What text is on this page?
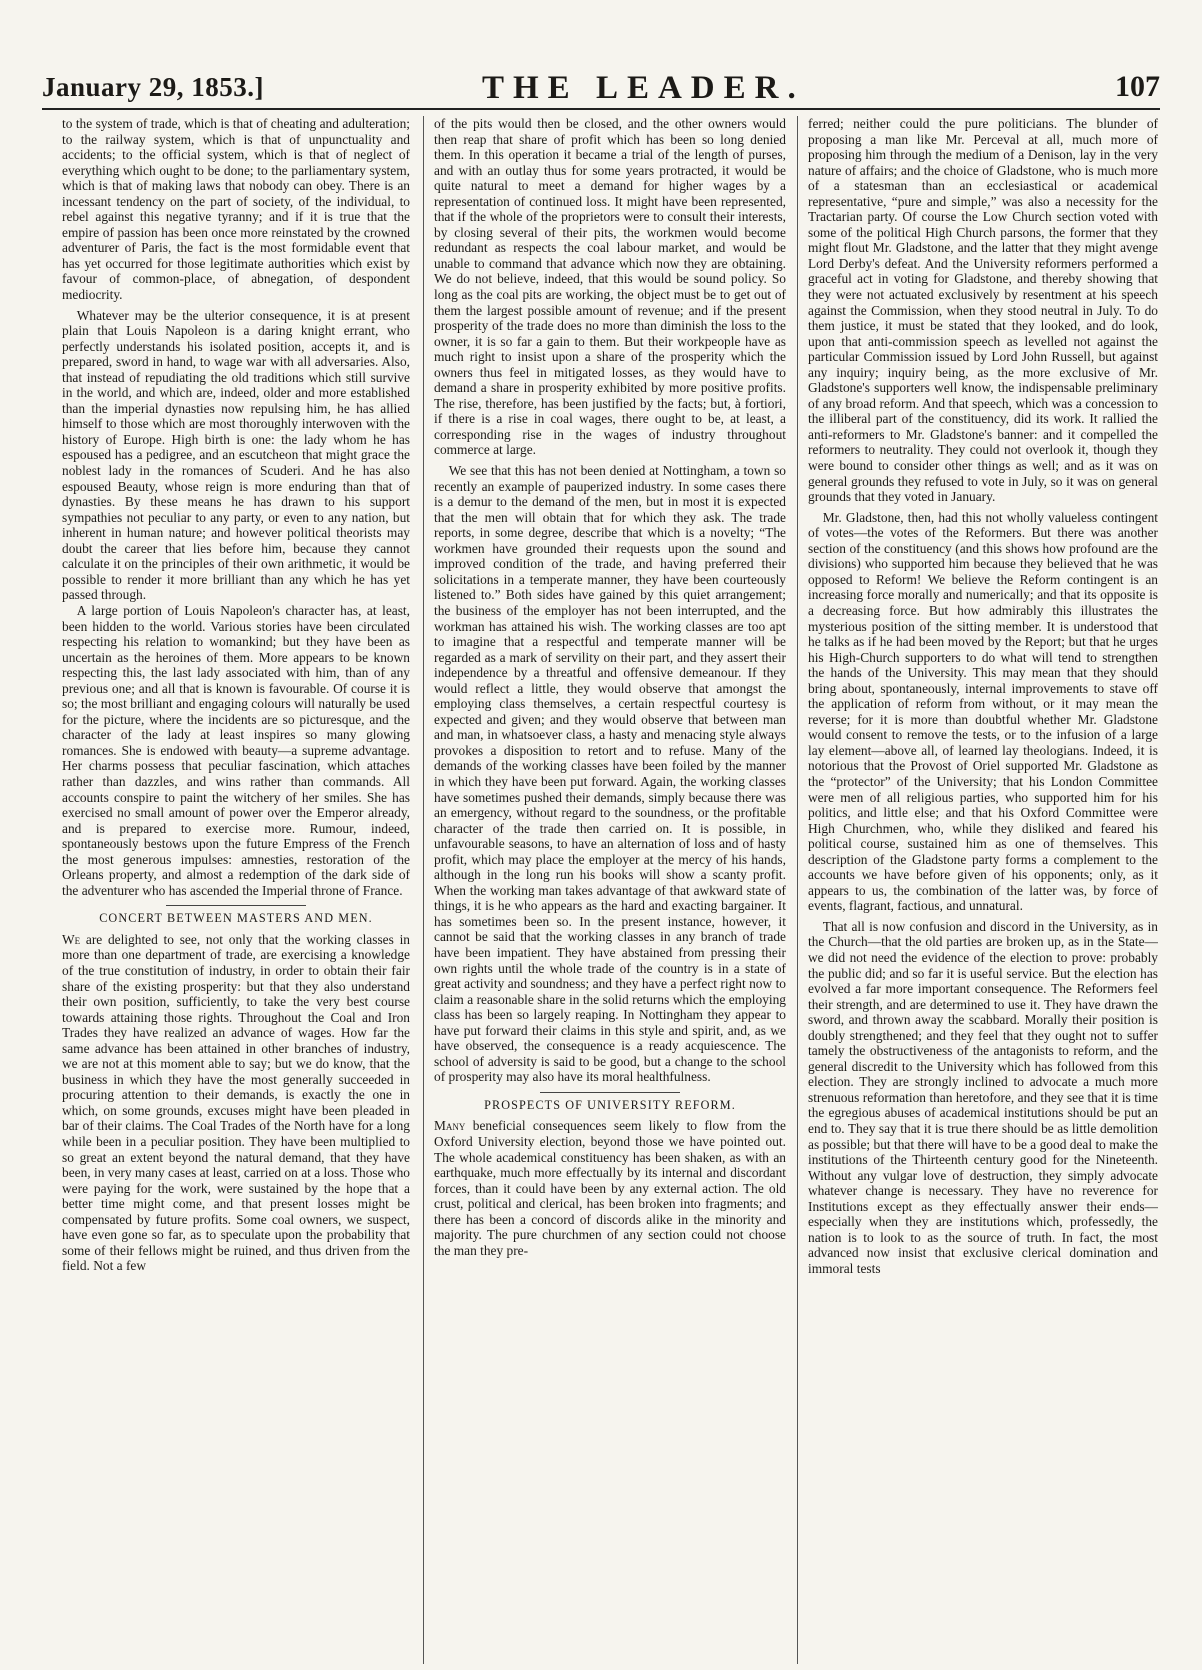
January 29, 1853.]	THE LEADER.	107

to the system of trade, which is that of cheating and adulteration; to the railway system, which is that of unpunctuality and accidents; to the official system, which is that of neglect of everything which ought to be done; to the parliamentary system, which is that of making laws that nobody can obey. There is an incessant tendency on the part of society, of the individual, to rebel against this negative tyranny; and if it is true that the empire of passion has been once more reinstated by the crowned adventurer of Paris, the fact is the most formidable event that has yet occurred for those legitimate authorities which exist by favour of common-place, of abnegation, of despondent mediocrity.

Whatever may be the ulterior consequence, it is at present plain that Louis Napoleon is a daring knight errant, who perfectly understands his isolated position, accepts it, and is prepared, sword in hand, to wage war with all adversaries. Also, that instead of repudiating the old traditions which still survive in the world, and which are, indeed, older and more established than the imperial dynasties now repulsing him, he has allied himself to those which are most thoroughly interwoven with the history of Europe. High birth is one: the lady whom he has espoused has a pedigree, and an escutcheon that might grace the noblest lady in the romances of Scuderi. And he has also espoused Beauty, whose reign is more enduring than that of dynasties. By these means he has drawn to his support sympathies not peculiar to any party, or even to any nation, but inherent in human nature; and however political theorists may doubt the career that lies before him, because they cannot calculate it on the principles of their own arithmetic, it would be possible to render it more brilliant than any which he has yet passed through.

A large portion of Louis Napoleon's character has, at least, been hidden to the world. Various stories have been circulated respecting his relation to womankind; but they have been as uncertain as the heroines of them. More appears to be known respecting this, the last lady associated with him, than of any previous one; and all that is known is favourable. Of course it is so; the most brilliant and engaging colours will naturally be used for the picture, where the incidents are so picturesque, and the character of the lady at least inspires so many glowing romances. She is endowed with beauty—a supreme advantage. Her charms possess that peculiar fascination, which attaches rather than dazzles, and wins rather than commands. All accounts conspire to paint the witchery of her smiles. She has exercised no small amount of power over the Emperor already, and is prepared to exercise more. Rumour, indeed, spontaneously bestows upon the future Empress of the French the most generous impulses: amnesties, restoration of the Orleans property, and almost a redemption of the dark side of the adventurer who has ascended the Imperial throne of France.

CONCERT BETWEEN MASTERS AND MEN.

We are delighted to see, not only that the working classes in more than one department of trade, are exercising a knowledge of the true constitution of industry, in order to obtain their fair share of the existing prosperity: but that they also understand their own position, sufficiently, to take the very best course towards attaining those rights. Throughout the Coal and Iron Trades they have realized an advance of wages. How far the same advance has been attained in other branches of industry, we are not at this moment able to say; but we do know, that the business in which they have the most generally succeeded in procuring attention to their demands, is exactly the one in which, on some grounds, excuses might have been pleaded in bar of their claims. The Coal Trades of the North have for a long while been in a peculiar position. They have been multiplied to so great an extent beyond the natural demand, that they have been, in very many cases at least, carried on at a loss. Those who were paying for the work, were sustained by the hope that a better time might come, and that present losses might be compensated by future profits. Some coal owners, we suspect, have even gone so far, as to speculate upon the probability that some of their fellows might be ruined, and thus driven from the field. Not a few

of the pits would then be closed, and the other owners would then reap that share of profit which has been so long denied them. In this operation it became a trial of the length of purses, and with an outlay thus for some years protracted, it would be quite natural to meet a demand for higher wages by a representation of continued loss. It might have been represented, that if the whole of the proprietors were to consult their interests, by closing several of their pits, the workmen would become redundant as respects the coal labour market, and would be unable to command that advance which now they are obtaining. We do not believe, indeed, that this would be sound policy. So long as the coal pits are working, the object must be to get out of them the largest possible amount of revenue; and if the present prosperity of the trade does no more than diminish the loss to the owner, it is so far a gain to them. But their workpeople have as much right to insist upon a share of the prosperity which the owners thus feel in mitigated losses, as they would have to demand a share in prosperity exhibited by more positive profits. The rise, therefore, has been justified by the facts; but, à fortiori, if there is a rise in coal wages, there ought to be, at least, a corresponding rise in the wages of industry throughout commerce at large.

We see that this has not been denied at Nottingham, a town so recently an example of pauperized industry. In some cases there is a demur to the demand of the men, but in most it is expected that the men will obtain that for which they ask. The trade reports, in some degree, describe that which is a novelty; “The workmen have grounded their requests upon the sound and improved condition of the trade, and having preferred their solicitations in a temperate manner, they have been courteously listened to.” Both sides have gained by this quiet arrangement; the business of the employer has not been interrupted, and the workman has attained his wish. The working classes are too apt to imagine that a respectful and temperate manner will be regarded as a mark of servility on their part, and they assert their independence by a threatful and offensive demeanour. If they would reflect a little, they would observe that amongst the employing class themselves, a certain respectful courtesy is expected and given; and they would observe that between man and man, in whatsoever class, a hasty and menacing style always provokes a disposition to retort and to refuse. Many of the demands of the working classes have been foiled by the manner in which they have been put forward. Again, the working classes have sometimes pushed their demands, simply because there was an emergency, without regard to the soundness, or the profitable character of the trade then carried on. It is possible, in unfavourable seasons, to have an alternation of loss and of hasty profit, which may place the employer at the mercy of his hands, although in the long run his books will show a scanty profit. When the working man takes advantage of that awkward state of things, it is he who appears as the hard and exacting bargainer. It has sometimes been so. In the present instance, however, it cannot be said that the working classes in any branch of trade have been impatient. They have abstained from pressing their own rights until the whole trade of the country is in a state of great activity and soundness; and they have a perfect right now to claim a reasonable share in the solid returns which the employing class has been so largely reaping. In Nottingham they appear to have put forward their claims in this style and spirit, and, as we have observed, the consequence is a ready acquiescence. The school of adversity is said to be good, but a change to the school of prosperity may also have its moral healthfulness.

PROSPECTS OF UNIVERSITY REFORM.

Many beneficial consequences seem likely to flow from the Oxford University election, beyond those we have pointed out. The whole academical constituency has been shaken, as with an earthquake, much more effectually by its internal and discordant forces, than it could have been by any external action. The old crust, political and clerical, has been broken into fragments; and there has been a concord of discords alike in the minority and majority. The pure churchmen of any section could not choose the man they pre-

ferred; neither could the pure politicians. The blunder of proposing a man like Mr. Perceval at all, much more of proposing him through the medium of a Denison, lay in the very nature of affairs; and the choice of Gladstone, who is much more of a statesman than an ecclesiastical or academical representative, “pure and simple,” was also a necessity for the Tractarian party. Of course the Low Church section voted with some of the political High Church parsons, the former that they might flout Mr. Gladstone, and the latter that they might avenge Lord Derby's defeat. And the University reformers performed a graceful act in voting for Gladstone, and thereby showing that they were not actuated exclusively by resentment at his speech against the Commission, when they stood neutral in July. To do them justice, it must be stated that they looked, and do look, upon that anti-commission speech as levelled not against the particular Commission issued by Lord John Russell, but against any inquiry; inquiry being, as the more exclusive of Mr. Gladstone's supporters well know, the indispensable preliminary of any broad reform. And that speech, which was a concession to the illiberal part of the constituency, did its work. It rallied the anti-reformers to Mr. Gladstone's banner: and it compelled the reformers to neutrality. They could not overlook it, though they were bound to consider other things as well; and as it was on general grounds they refused to vote in July, so it was on general grounds that they voted in January.

Mr. Gladstone, then, had this not wholly valueless contingent of votes—the votes of the Reformers. But there was another section of the constituency (and this shows how profound are the divisions) who supported him because they believed that he was opposed to Reform! We believe the Reform contingent is an increasing force morally and numerically; and that its opposite is a decreasing force. But how admirably this illustrates the mysterious position of the sitting member. It is understood that he talks as if he had been moved by the Report; but that he urges his High-Church supporters to do what will tend to strengthen the hands of the University. This may mean that they should bring about, spontaneously, internal improvements to stave off the application of reform from without, or it may mean the reverse; for it is more than doubtful whether Mr. Gladstone would consent to remove the tests, or to the infusion of a large lay element—above all, of learned lay theologians. Indeed, it is notorious that the Provost of Oriel supported Mr. Gladstone as the “protector” of the University; that his London Committee were men of all religious parties, who supported him for his politics, and little else; and that his Oxford Committee were High Churchmen, who, while they disliked and feared his political course, sustained him as one of themselves. This description of the Gladstone party forms a complement to the accounts we have before given of his opponents; only, as it appears to us, the combination of the latter was, by force of events, flagrant, factious, and unnatural.

That all is now confusion and discord in the University, as in the Church—that the old parties are broken up, as in the State—we did not need the evidence of the election to prove: probably the public did; and so far it is useful service. But the election has evolved a far more important consequence. The Reformers feel their strength, and are determined to use it. They have drawn the sword, and thrown away the scabbard. Morally their position is doubly strengthened; and they feel that they ought not to suffer tamely the obstructiveness of the antagonists to reform, and the general discredit to the University which has followed from this election. They are strongly inclined to advocate a much more strenuous reformation than heretofore, and they see that it is time the egregious abuses of academical institutions should be put an end to. They say that it is true there should be as little demolition as possible; but that there will have to be a good deal to make the institutions of the Thirteenth century good for the Nineteenth. Without any vulgar love of destruction, they simply advocate whatever change is necessary. They have no reverence for Institutions except as they effectually answer their ends—especially when they are institutions which, professedly, the nation is to look to as the source of truth. In fact, the most advanced now insist that exclusive clerical domination and immoral tests
